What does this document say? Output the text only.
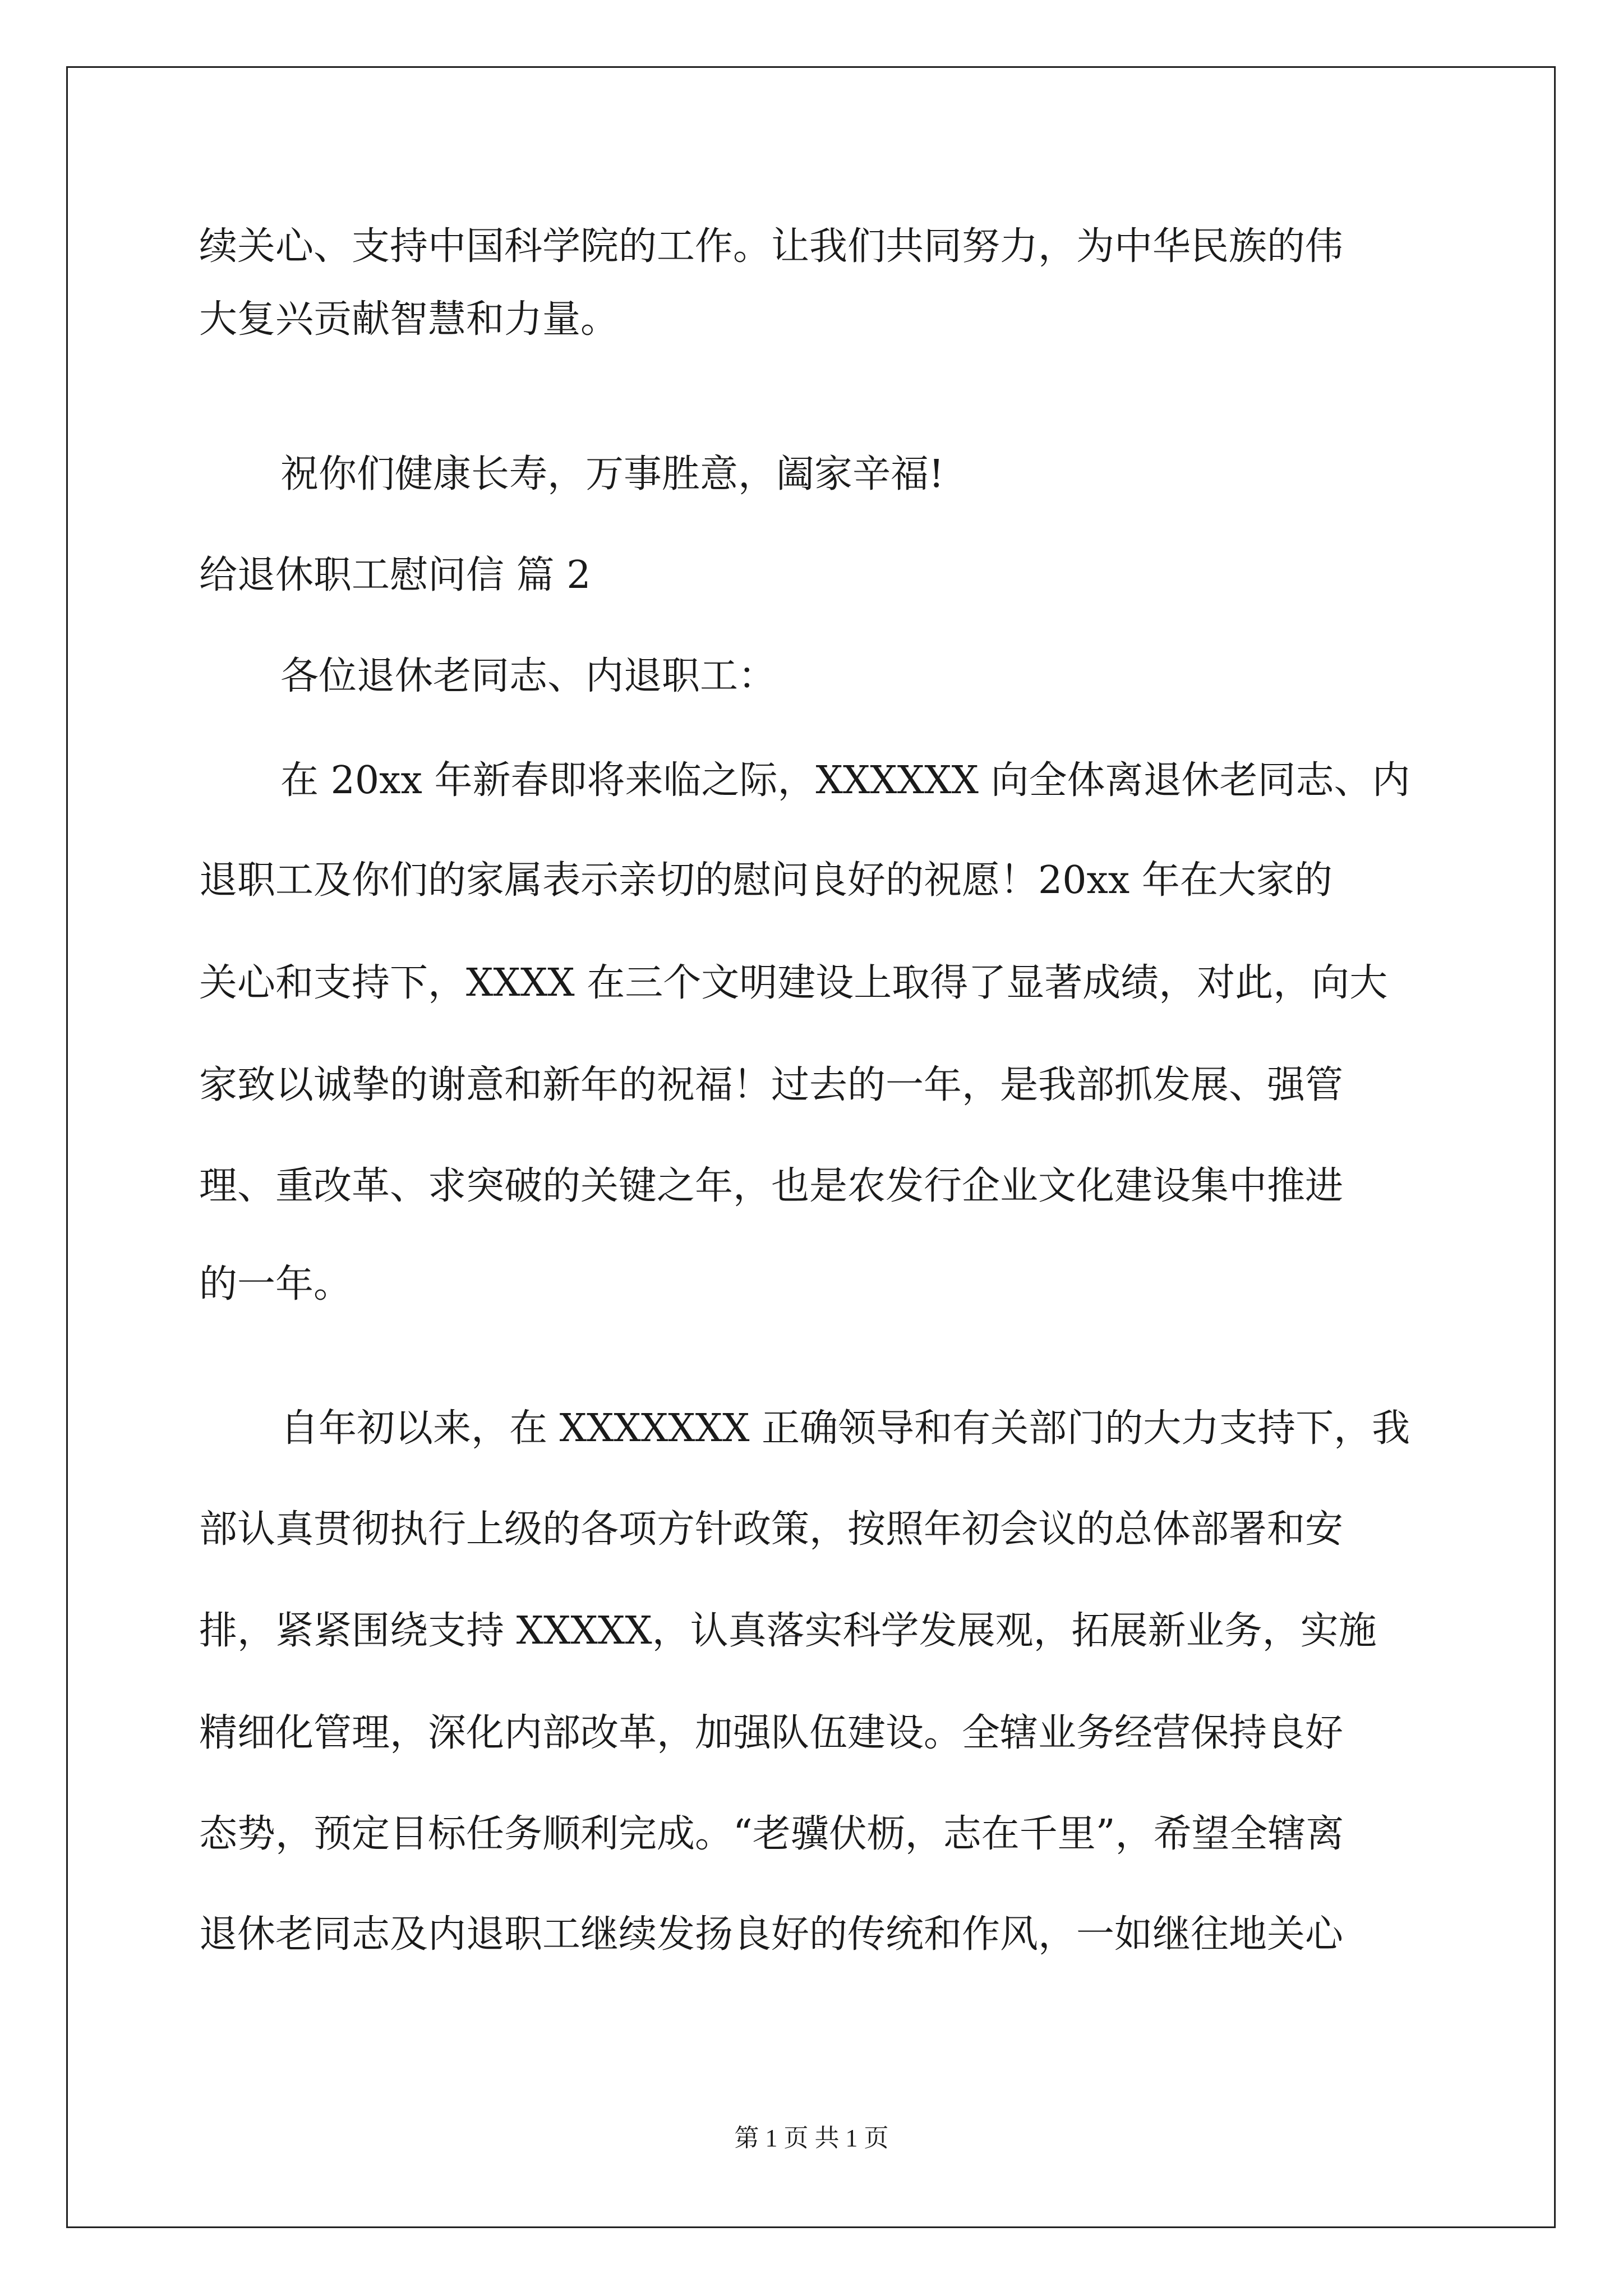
续关心、支持中国科学院的工作。让我们共同努力，为中华民族的伟
大复兴贡献智慧和力量。
祝你们健康长寿，万事胜意，阖家辛福!
给退休职工慰问信 篇 2
各位退休老同志、内退职工：
在 20xx 年新春即将来临之际，XXXXXX 向全体离退休老同志、内
退职工及你们的家属表示亲切的慰问良好的祝愿！20xx 年在大家的
关心和支持下，XXXX 在三个文明建设上取得了显著成绩，对此，向大
家致以诚挚的谢意和新年的祝福！过去的一年，是我部抓发展、强管
理、重改革、求突破的关键之年，也是农发行企业文化建设集中推进
的一年。
自年初以来，在 XXXXXXX 正确领导和有关部门的大力支持下，我
部认真贯彻执行上级的各项方针政策，按照年初会议的总体部署和安
排，紧紧围绕支持 XXXXX，认真落实科学发展观，拓展新业务，实施
精细化管理，深化内部改革，加强队伍建设。全辖业务经营保持良好
态势，预定目标任务顺利完成。“老骥伏枥，志在千里”，希望全辖离
退休老同志及内退职工继续发扬良好的传统和作风，一如继往地关心
第 1 页 共 1 页
